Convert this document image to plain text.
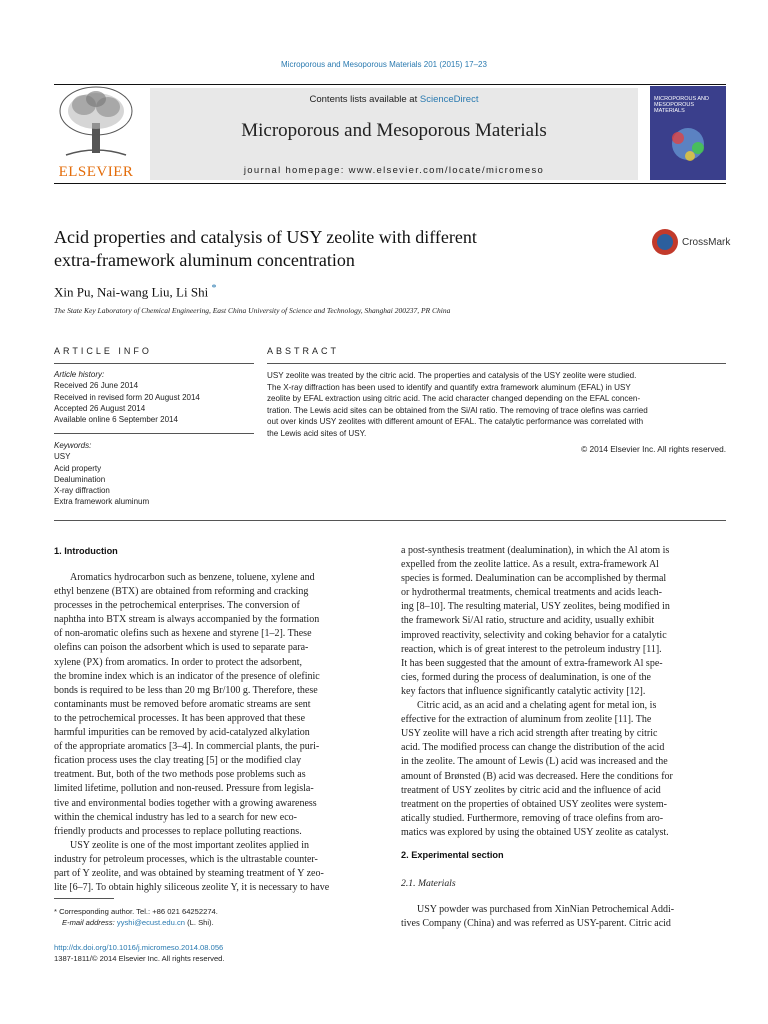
Microporous and Mesoporous Materials 201 (2015) 17–23
ELSEVIER
Contents lists available at ScienceDirect
Microporous and Mesoporous Materials
journal homepage: www.elsevier.com/locate/micromeso
MICROPOROUS AND MESOPOROUS MATERIALS
Acid properties and catalysis of USY zeolite with different
extra-framework aluminum concentration
CrossMark
Xin Pu, Nai-wang Liu, Li Shi *
The State Key Laboratory of Chemical Engineering, East China University of Science and Technology, Shanghai 200237, PR China
ARTICLE INFO	ABSTRACT
Article history:
Received 26 June 2014
Received in revised form 20 August 2014
Accepted 26 August 2014
Available online 6 September 2014
Keywords:
USY
Acid property
Dealumination
X-ray diffraction
Extra framework aluminum
USY zeolite was treated by the citric acid. The properties and catalysis of the USY zeolite were studied.
The X-ray diffraction has been used to identify and quantify extra framework aluminum (EFAL) in USY
zeolite by EFAL extraction using citric acid. The acid character changed depending on the EFAL concen-
tration. The Lewis acid sites can be obtained from the Si/Al ratio. The removing of trace olefins was carried
out over kinds USY zeolites with different amount of EFAL. The catalytic performance was correlated with
the Lewis acid sites of USY.
© 2014 Elsevier Inc. All rights reserved.
1. Introduction
Aromatics hydrocarbon such as benzene, toluene, xylene and
ethyl benzene (BTX) are obtained from reforming and cracking
processes in the petrochemical enterprises. The conversion of
naphtha into BTX stream is always accompanied by the formation
of non-aromatic olefins such as hexene and styrene [1–2]. These
olefins can poison the adsorbent which is used to separate para-
xylene (PX) from aromatics. In order to protect the adsorbent,
the bromine index which is an indicator of the presence of olefinic
bonds is required to be less than 20 mg Br/100 g. Therefore, these
contaminants must be removed before aromatic streams are sent
to the petrochemical processes. It has been approved that these
harmful impurities can be removed by acid-catalyzed alkylation
of the appropriate aromatics [3–4]. In commercial plants, the puri-
fication process uses the clay treating [5] or the modified clay
treatment. But, both of the two methods pose problems such as
limited lifetime, pollution and non-reused. Pressure from legisla-
tive and environmental bodies together with a growing awareness
within the chemical industry has led to a search for new eco-
friendly products and processes to replace polluting reactions.
USY zeolite is one of the most important zeolites applied in
industry for petroleum processes, which is the ultrastable counter-
part of Y zeolite, and was obtained by steaming treatment of Y zeo-
lite [6–7]. To obtain highly siliceous zeolite Y, it is necessary to have
* Corresponding author. Tel.: +86 021 64252274.
E-mail address: yyshi@ecust.edu.cn (L. Shi).
http://dx.doi.org/10.1016/j.micromeso.2014.08.056
1387-1811/© 2014 Elsevier Inc. All rights reserved.
a post-synthesis treatment (dealumination), in which the Al atom is
expelled from the zeolite lattice. As a result, extra-framework Al
species is formed. Dealumination can be accomplished by thermal
or hydrothermal treatments, chemical treatments and acids leach-
ing [8–10]. The resulting material, USY zeolites, being modified in
the framework Si/Al ratio, structure and acidity, usually exhibit
improved reactivity, selectivity and coking behavior for a catalytic
reaction, which is of great interest to the petroleum industry [11].
It has been suggested that the amount of extra-framework Al spe-
cies, formed during the process of dealumination, is one of the
key factors that influence significantly catalytic activity [12].
Citric acid, as an acid and a chelating agent for metal ion, is
effective for the extraction of aluminum from zeolite [11]. The
USY zeolite will have a rich acid strength after treating by citric
acid. The modified process can change the distribution of the acid
in the zeolite. The amount of Lewis (L) acid was increased and the
amount of Brønsted (B) acid was decreased. Here the conditions for
treatment of USY zeolites by citric acid and the influence of acid
treatment on the properties of obtained USY zeolites were system-
atically studied. Furthermore, removing of trace olefins from aro-
matics was explored by using the obtained USY zeolite as catalyst.
2. Experimental section
2.1. Materials
USY powder was purchased from XinNian Petrochemical Addi-
tives Company (China) and was referred as USY-parent. Citric acid
